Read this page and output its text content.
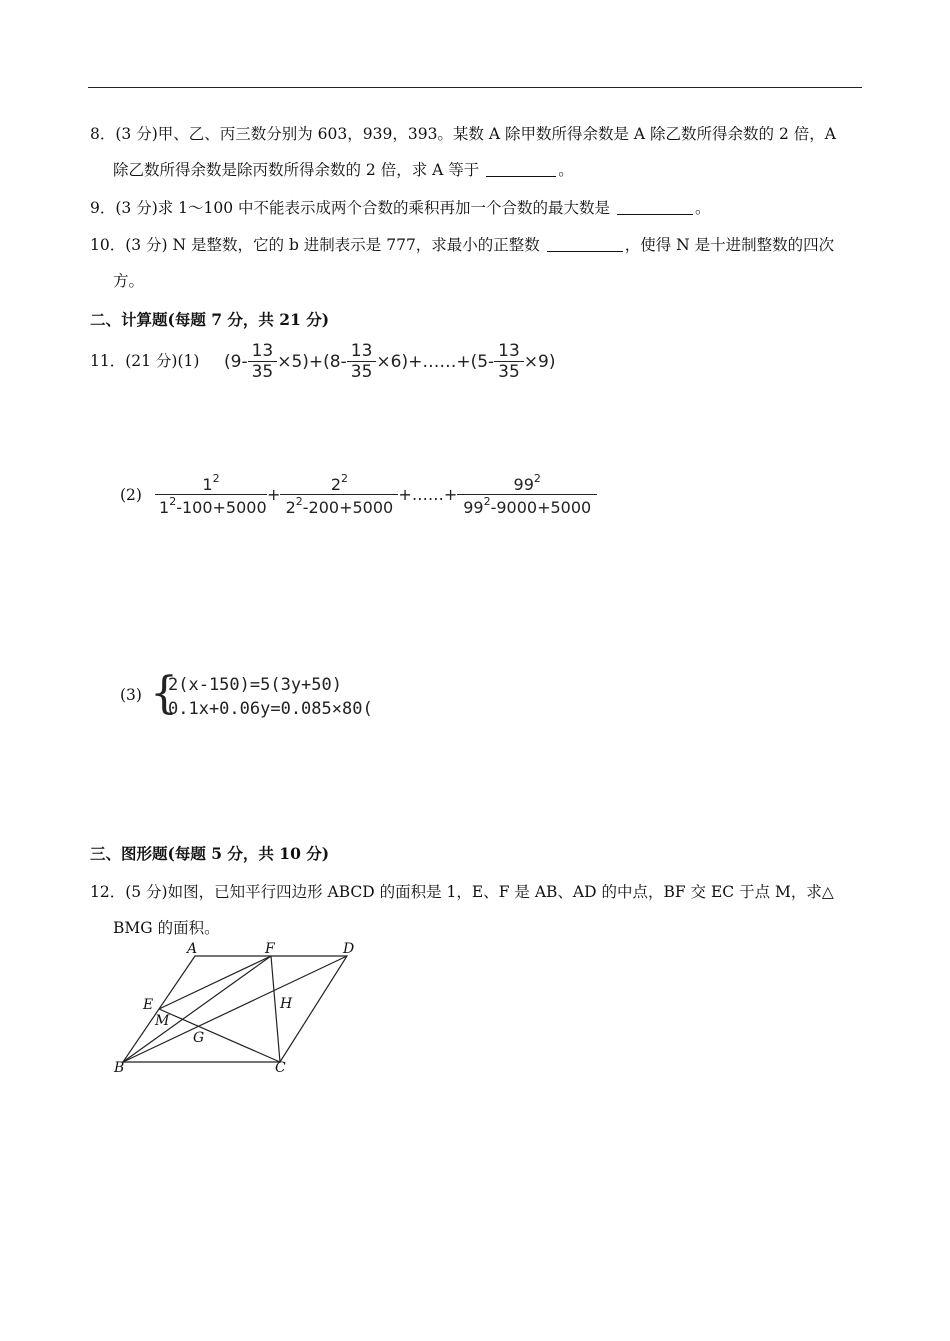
8．(3 分)甲、乙、丙三数分别为 603，939，393。某数 A 除甲数所得余数是 A 除乙数所得余数的 2 倍，A
除乙数所得余数是除丙数所得余数的 2 倍，求 A 等于	。
9．(3 分)求 1～100 中不能表示成两个合数的乘积再加一个合数的最大数是	。
10．(3 分) N 是整数，它的 b 进制表示是 777，求最小的正整数	，使得 N 是十进制整数的四次
方。
二、计算题(每题 7 分，共 21 分)
11．(21 分)(1) $(9- \frac{13}{35} \times 5)+(8- \frac{13}{35}$ ×6)+……+(5- $\frac{13}{35} \times 9$)
$(2) \frac{1^2}{1^2-100+5000} + \frac{2^2}{2^2-200+5000}$ +……+ $\frac{99^2}{99^2-9000+5000}$
(3) {
2(x-150)=5(3y+50)
0.1x+0.06y=0.085×80(
三、图形题(每题 5 分，共 10 分)
12．(5 分)如图，已知平行四边形 ABCD 的面积是 1，E、F 是 AB、AD 的中点，BF 交 EC 于点 M，求△
BMG 的面积。
A	F	D
E
M
H
G
B	C
